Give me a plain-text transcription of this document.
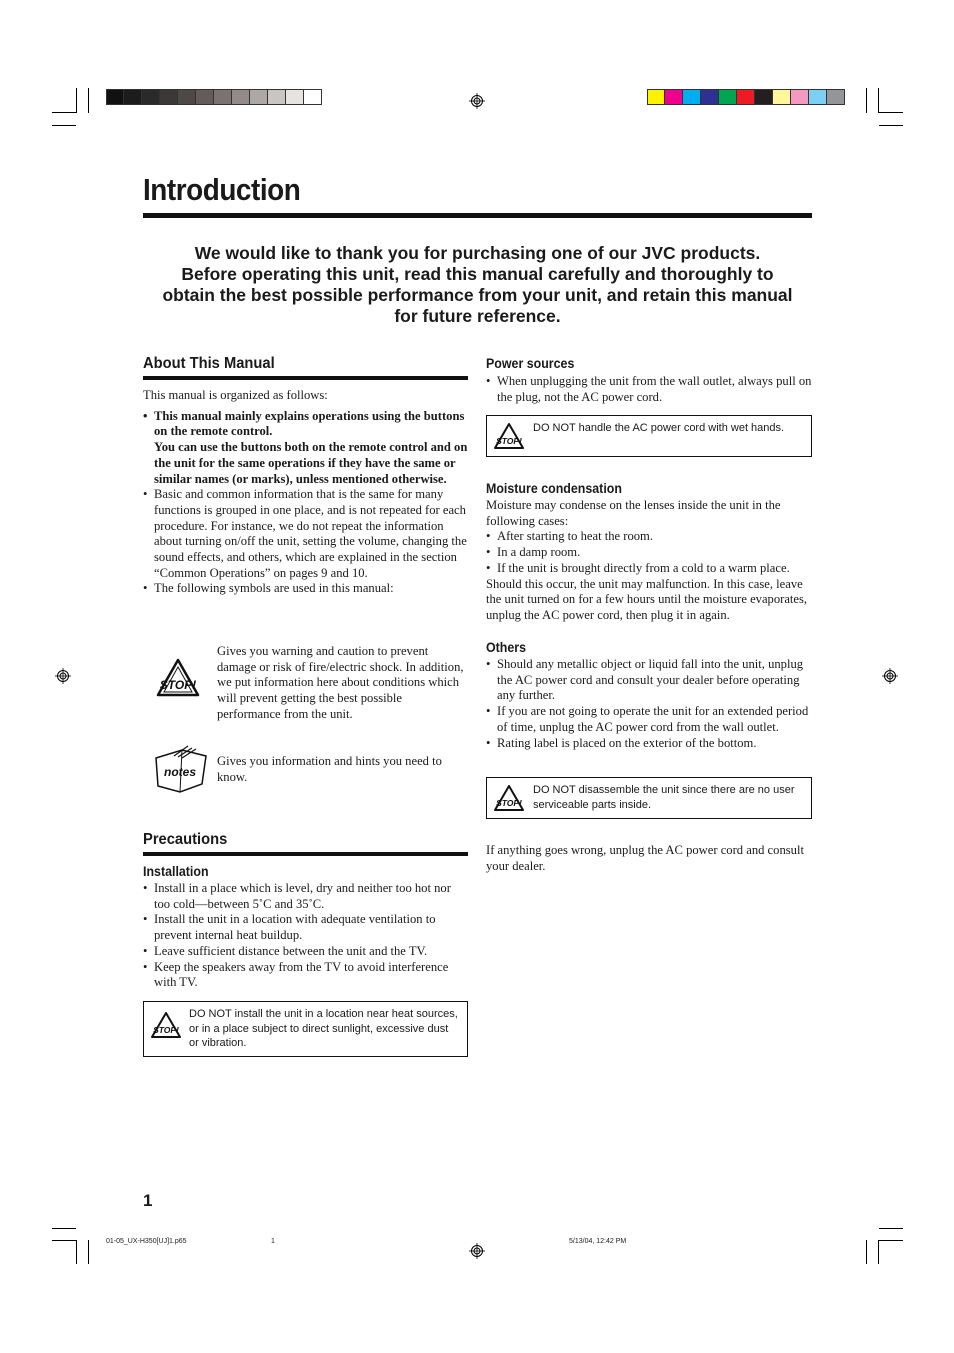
Introduction
We would like to thank you for purchasing one of our JVC products.
Before operating this unit, read this manual carefully and thoroughly to
obtain the best possible performance from your unit, and retain this manual
for future reference.
About This Manual
This manual is organized as follows:
• This manual mainly explains operations using the buttons on the remote control.
You can use the buttons both on the remote control and on the unit for the same operations if they have the same or similar names (or marks), unless mentioned otherwise.
• Basic and common information that is the same for many functions is grouped in one place, and is not repeated for each procedure. For instance, we do not repeat the information about turning on/off the unit, setting the volume, changing the sound effects, and others, which are explained in the section “Common Operations” on pages 9 and 10.
• The following symbols are used in this manual:
STOP!
Gives you warning and caution to prevent damage or risk of fire/electric shock. In addition, we put information here about conditions which will prevent getting the best possible performance from the unit.
notes
Gives you information and hints you need to know.
Precautions
Installation
• Install in a place which is level, dry and neither too hot nor too cold—between 5˚C and 35˚C.
• Install the unit in a location with adequate ventilation to prevent internal heat buildup.
• Leave sufficient distance between the unit and the TV.
• Keep the speakers away from the TV to avoid interference with TV.
STOP!
DO NOT install the unit in a location near heat sources, or in a place subject to direct sunlight, excessive dust or vibration.
Power sources
• When unplugging the unit from the wall outlet, always pull on the plug, not the AC power cord.
STOP!
DO NOT handle the AC power cord with wet hands.
Moisture condensation
Moisture may condense on the lenses inside the unit in the following cases:
• After starting to heat the room.
• In a damp room.
• If the unit is brought directly from a cold to a warm place.
Should this occur, the unit may malfunction. In this case, leave the unit turned on for a few hours until the moisture evaporates, unplug the AC power cord, then plug it in again.
Others
• Should any metallic object or liquid fall into the unit, unplug the AC power cord and consult your dealer before operating any further.
• If you are not going to operate the unit for an extended period of time, unplug the AC power cord from the wall outlet.
• Rating label is placed on the exterior of the bottom.
STOP!
DO NOT disassemble the unit since there are no user serviceable parts inside.
If anything goes wrong, unplug the AC power cord and consult your dealer.
1
01-05_UX-H350[UJ]1.p65	1	5/13/04, 12:42 PM
